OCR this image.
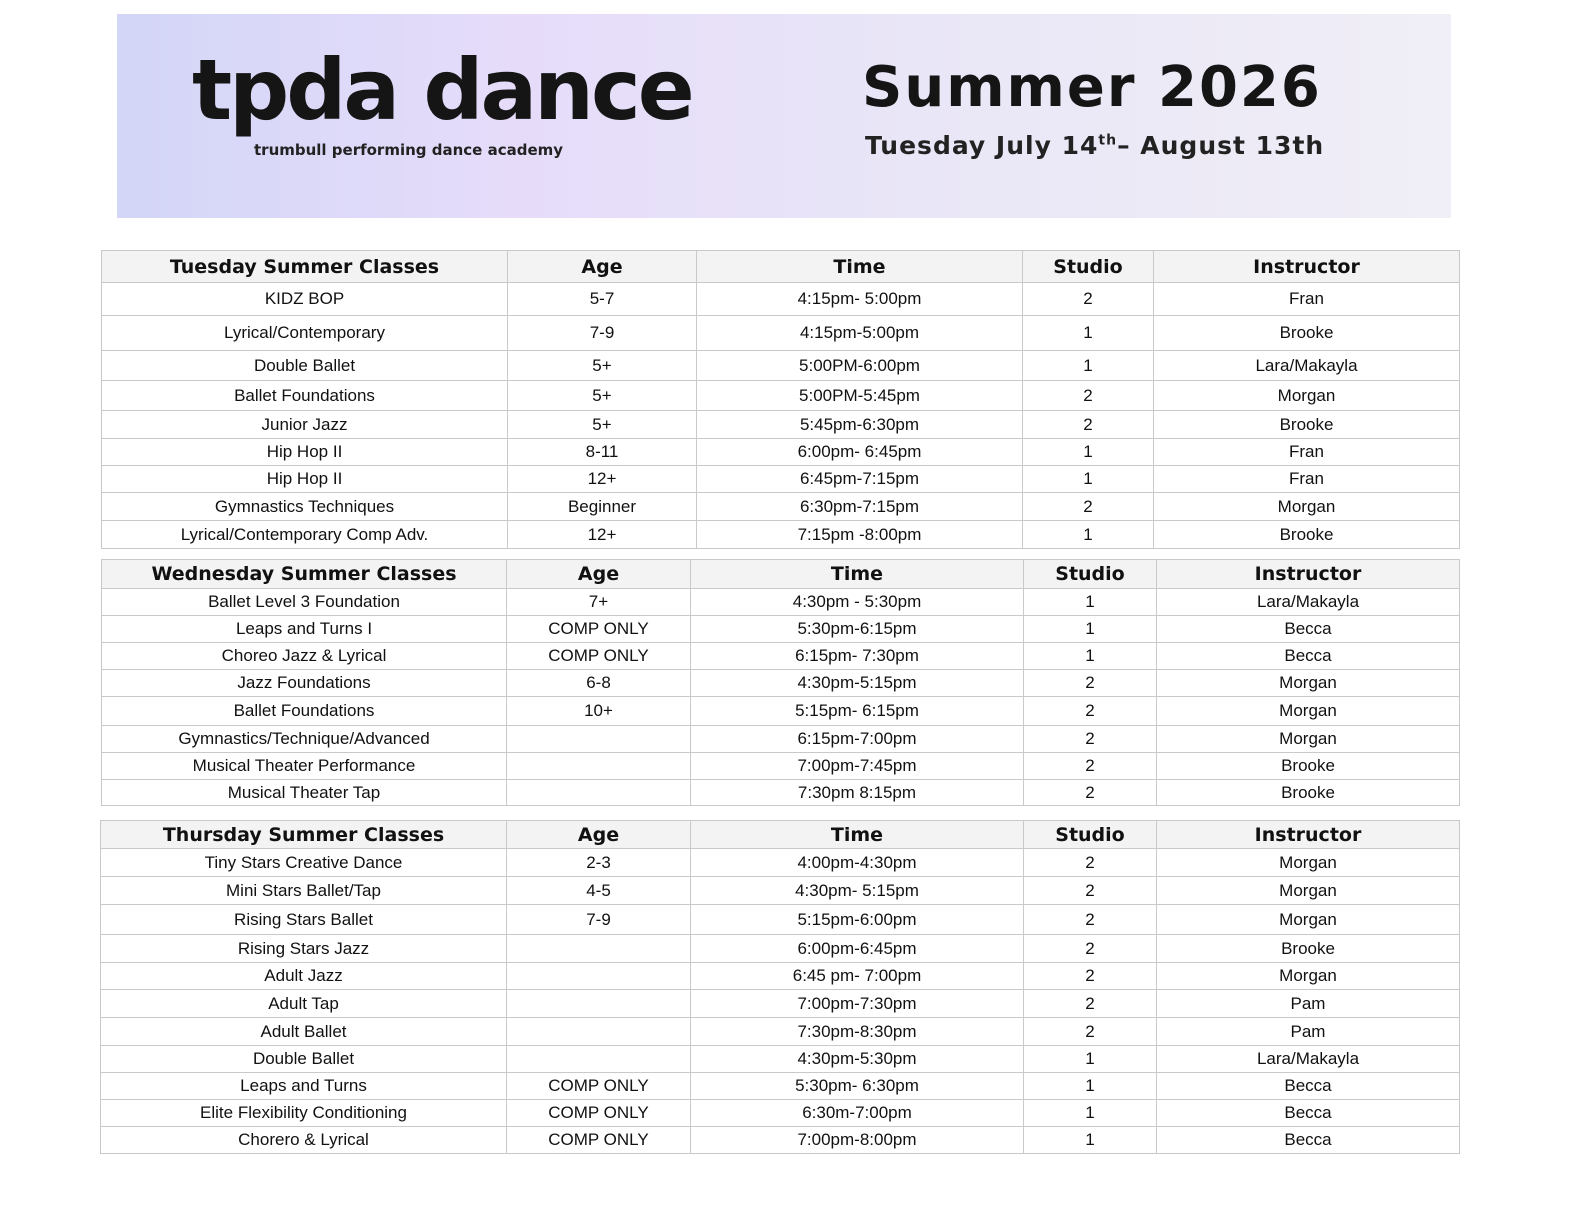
tpda dance
trumbull performing dance academy
Summer 2026
Tuesday July 14th– August 13th
Tuesday Summer Classes	Age	Time	Studio	Instructor
KIDZ BOP	5-7	4:15pm- 5:00pm	2	Fran
Lyrical/Contemporary	7-9	4:15pm-5:00pm	1	Brooke
Double Ballet	5+	5:00PM-6:00pm	1	Lara/Makayla
Ballet Foundations	5+	5:00PM-5:45pm	2	Morgan
Junior Jazz	5+	5:45pm-6:30pm	2	Brooke
Hip Hop II	8-11	6:00pm- 6:45pm	1	Fran
Hip Hop II	12+	6:45pm-7:15pm	1	Fran
Gymnastics Techniques	Beginner	6:30pm-7:15pm	2	Morgan
Lyrical/Contemporary Comp Adv.	12+	7:15pm -8:00pm	1	Brooke
Wednesday Summer Classes	Age	Time	Studio	Instructor
Ballet Level 3 Foundation	7+	4:30pm - 5:30pm	1	Lara/Makayla
Leaps and Turns I	COMP ONLY	5:30pm-6:15pm	1	Becca
Choreo Jazz & Lyrical	COMP ONLY	6:15pm- 7:30pm	1	Becca
Jazz Foundations	6-8	4:30pm-5:15pm	2	Morgan
Ballet Foundations	10+	5:15pm- 6:15pm	2	Morgan
Gymnastics/Technique/Advanced		6:15pm-7:00pm	2	Morgan
Musical Theater Performance		7:00pm-7:45pm	2	Brooke
Musical Theater Tap		7:30pm 8:15pm	2	Brooke
Thursday Summer Classes	Age	Time	Studio	Instructor
Tiny Stars Creative Dance	2-3	4:00pm-4:30pm	2	Morgan
Mini Stars Ballet/Tap	4-5	4:30pm- 5:15pm	2	Morgan
Rising Stars Ballet	7-9	5:15pm-6:00pm	2	Morgan
Rising Stars Jazz		6:00pm-6:45pm	2	Brooke
Adult Jazz		6:45 pm- 7:00pm	2	Morgan
Adult Tap		7:00pm-7:30pm	2	Pam
Adult Ballet		7:30pm-8:30pm	2	Pam
Double Ballet		4:30pm-5:30pm	1	Lara/Makayla
Leaps and Turns	COMP ONLY	5:30pm- 6:30pm	1	Becca
Elite Flexibility Conditioning	COMP ONLY	6:30m-7:00pm	1	Becca
Chorero & Lyrical	COMP ONLY	7:00pm-8:00pm	1	Becca
